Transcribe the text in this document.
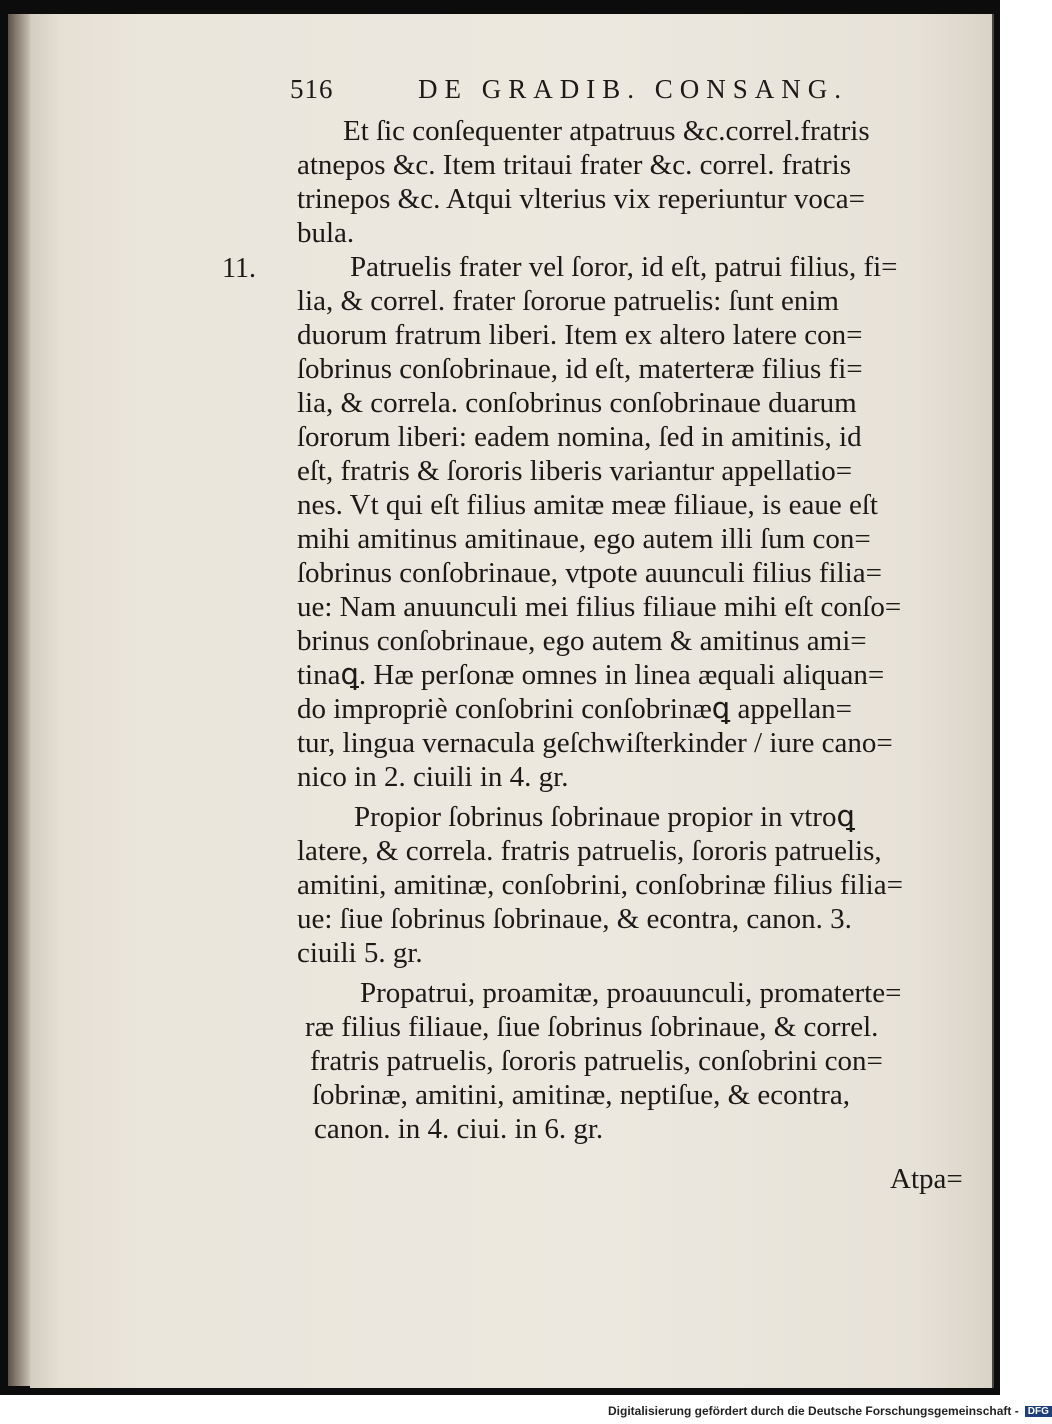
516	DE GRADIB. CONSANG.
11.
Et ſic conſequenter atpatruus &c.correl.fratris
atnepos &c. Item tritaui frater &c. correl. fratris
trinepos &c. Atqui vlterius vix reperiuntur voca=
bula.
Patruelis frater vel ſoror, id eſt, patrui filius, fi=
lia, & correl. frater ſororue patruelis: ſunt enim
duorum fratrum liberi. Item ex altero latere con=
ſobrinus conſobrinaue, id eſt, materteræ filius fi=
lia, & correla. conſobrinus conſobrinaue duarum
ſororum liberi: eadem nomina, ſed in amitinis, id
eſt, fratris & ſororis liberis variantur appellatio=
nes. Vt qui eſt filius amitæ meæ filiaue, is eaue eſt
mihi amitinus amitinaue, ego autem illi ſum con=
ſobrinus conſobrinaue, vtpote auunculi filius filia=
ue: Nam anuunculi mei filius filiaue mihi eſt conſo=
brinus conſobrinaue, ego autem & amitinus ami=
tinaꝗ. Hæ perſonæ omnes in linea æquali aliquan=
do impropriè conſobrini conſobrinæꝗ appellan=
tur, lingua vernacula geſchwiſterkinder / iure cano=
nico in 2. ciuili in 4. gr.
Propior ſobrinus ſobrinaue propior in vtroꝗ
latere, & correla. fratris patruelis, ſororis patruelis,
amitini, amitinæ, conſobrini, conſobrinæ filius filia=
ue: ſiue ſobrinus ſobrinaue, & econtra, canon. 3.
ciuili 5. gr.
Propatrui, proamitæ, proauunculi, promaterte=
ræ filius filiaue, ſiue ſobrinus ſobrinaue, & correl.
fratris patruelis, ſororis patruelis, conſobrini con=
ſobrinæ, amitini, amitinæ, neptiſue, & econtra,
canon. in 4. ciui. in 6. gr.
Atpa=
Digitalisierung gefördert durch die Deutsche Forschungsgemeinschaft - DFG
